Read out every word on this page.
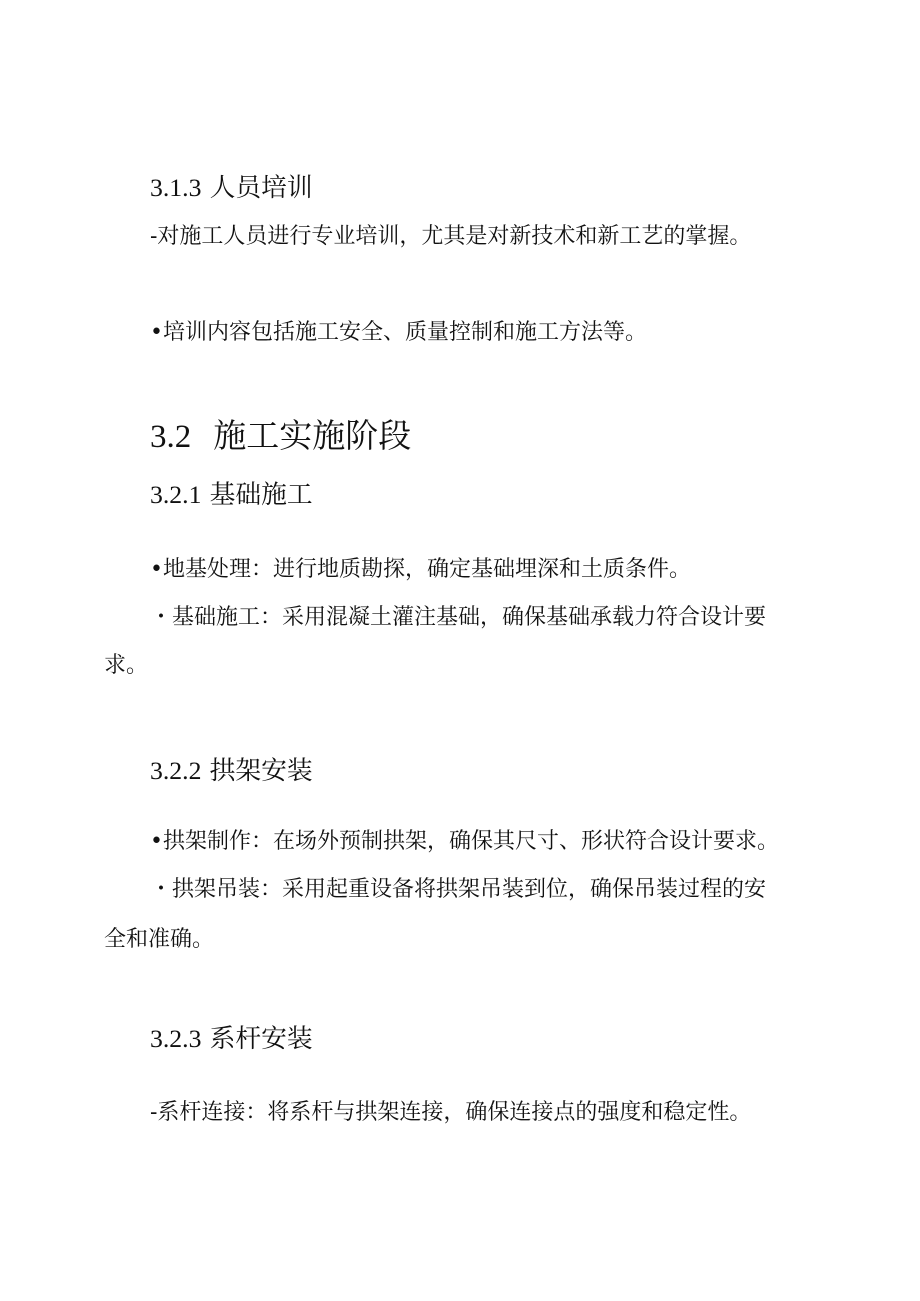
3.1.3 人员培训

-对施工人员进行专业培训，尤其是对新技术和新工艺的掌握。

•培训内容包括施工安全、质量控制和施工方法等。

3.2 施工实施阶段
3.2.1 基础施工

•地基处理：进行地质勘探，确定基础埋深和土质条件。

・基础施工：采用混凝土灌注基础，确保基础承载力符合设计要

求。

3.2.2 拱架安装

•拱架制作：在场外预制拱架，确保其尺寸、形状符合设计要求。

・拱架吊装：采用起重设备将拱架吊装到位，确保吊装过程的安

全和准确。

3.2.3 系杆安装

-系杆连接：将系杆与拱架连接，确保连接点的强度和稳定性。
